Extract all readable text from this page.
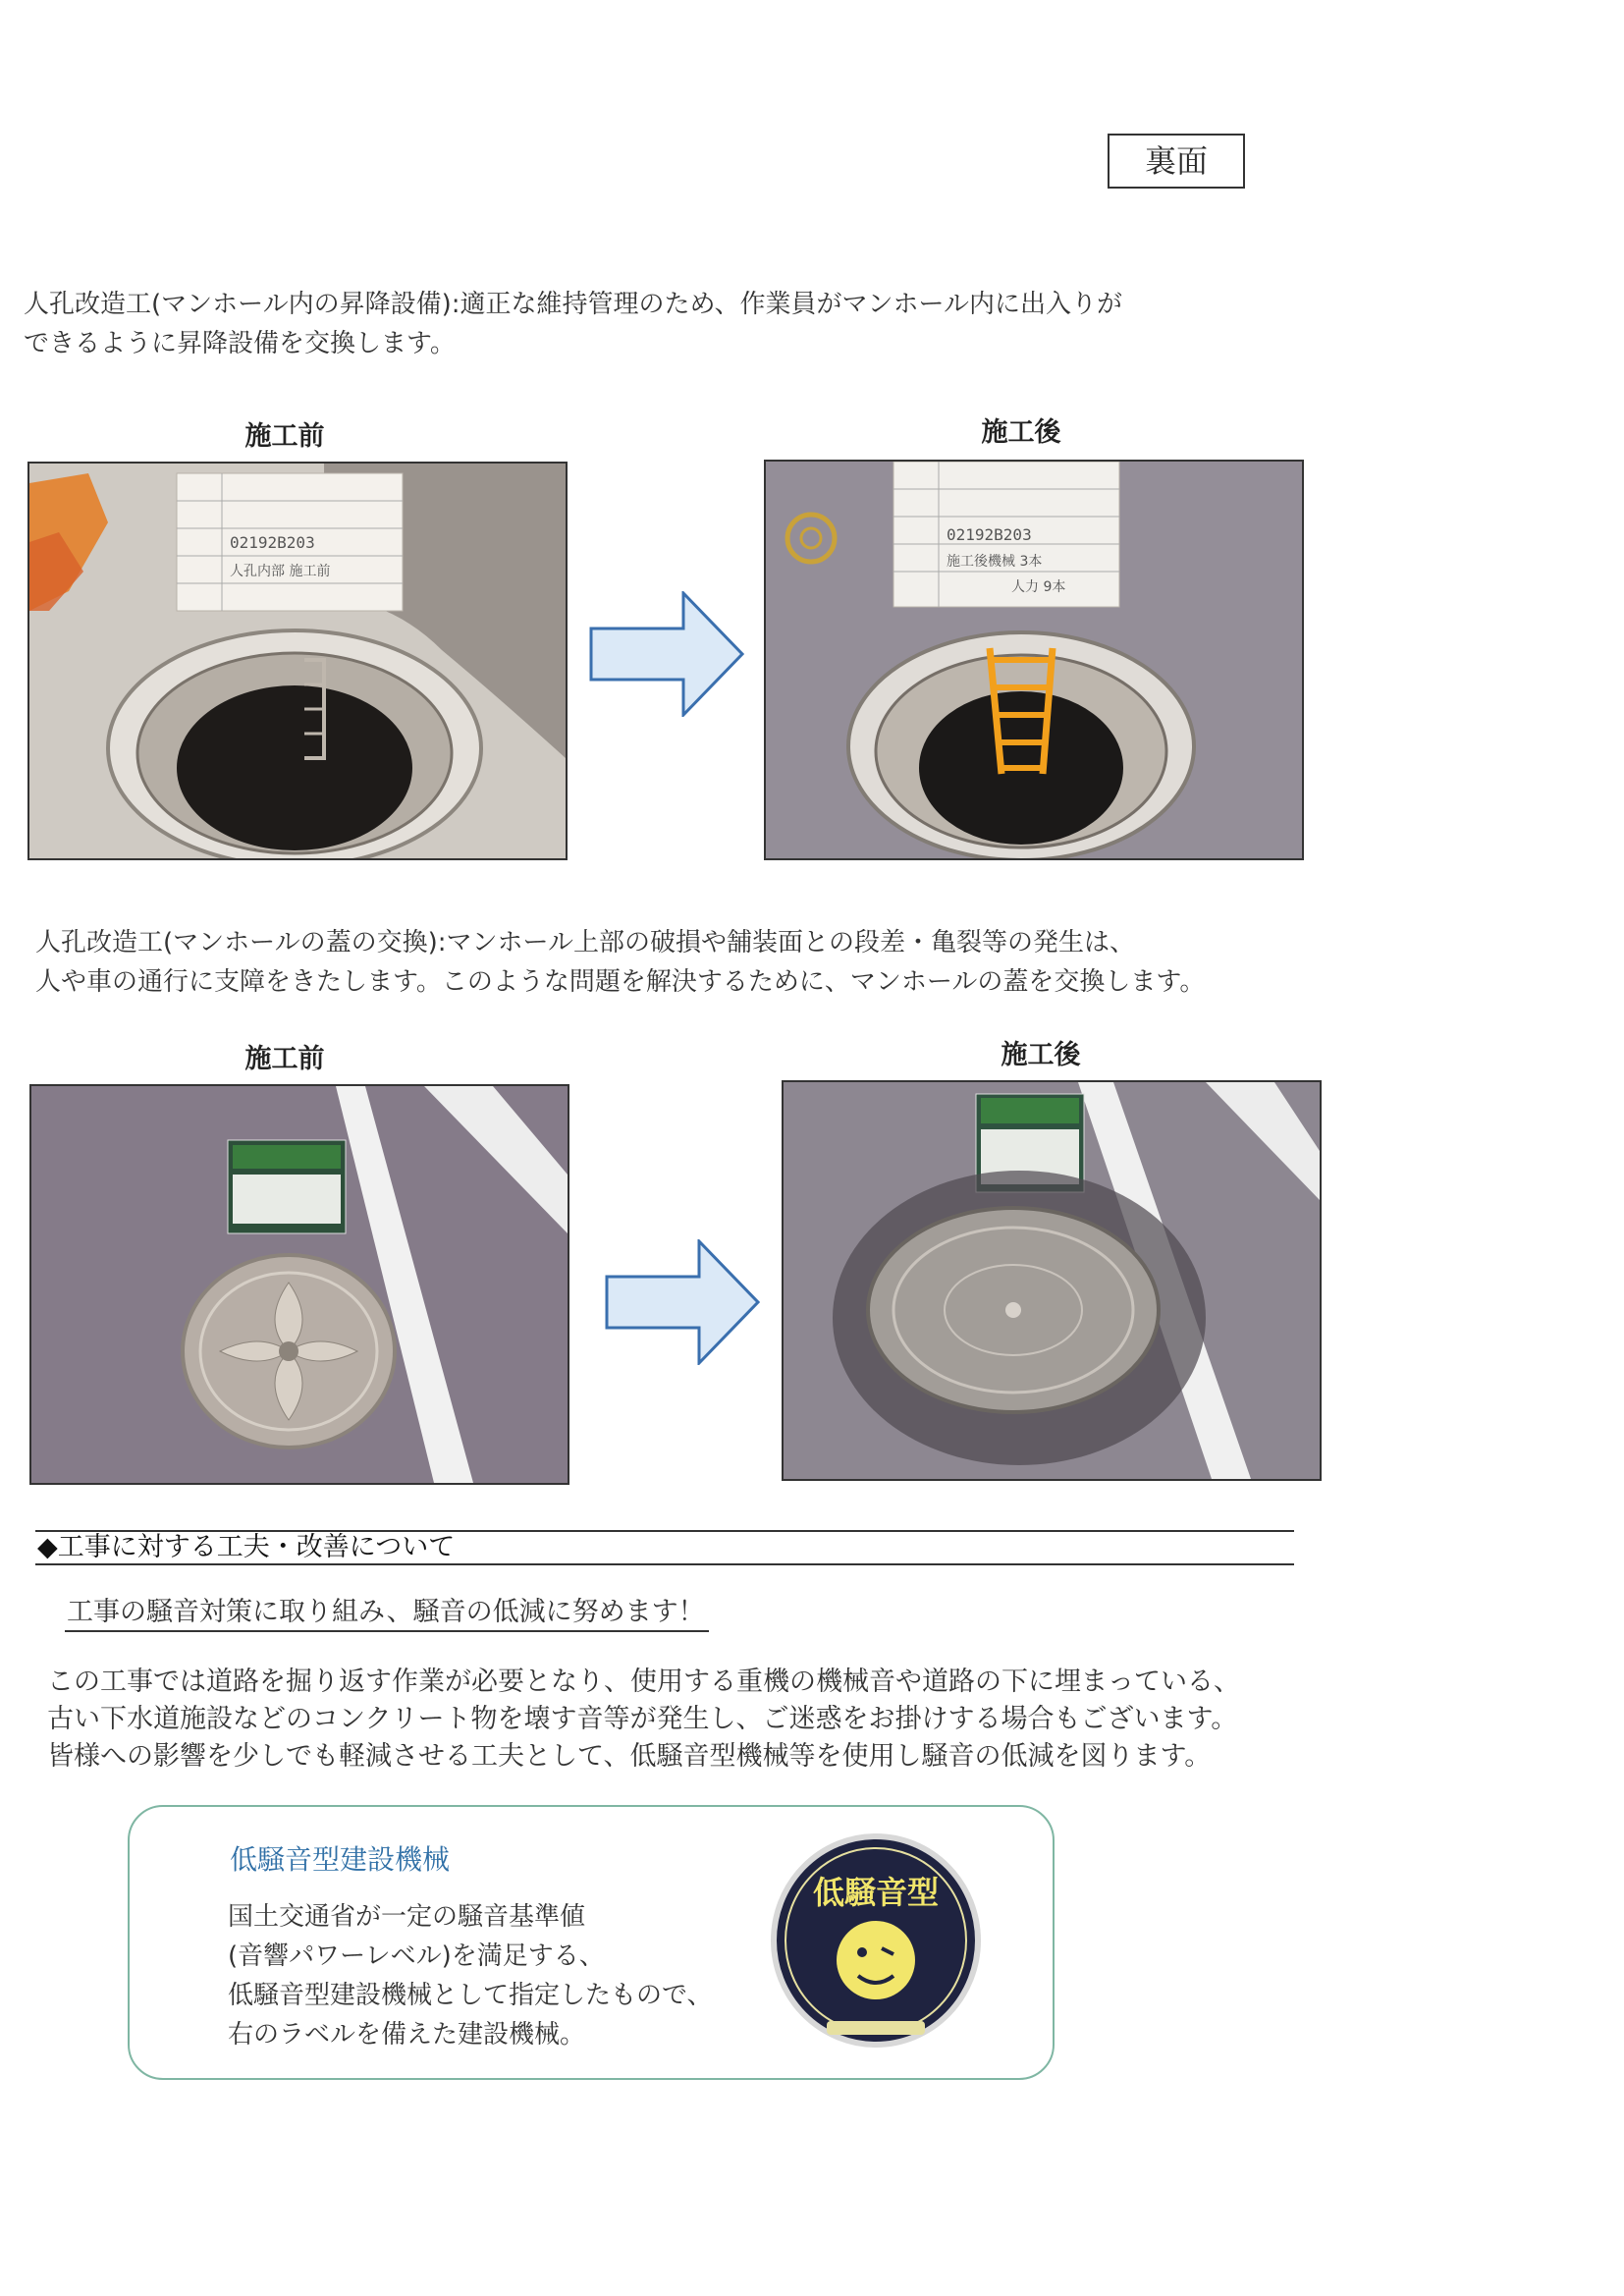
裏面
人孔改造工(マンホール内の昇降設備):適正な維持管理のため、作業員がマンホール内に出入りが
できるように昇降設備を交換します。
施工前	施工後
02192B203
人孔内部 施工前
02192B203
施工後機械 3本
人力 9本
人孔改造工(マンホールの蓋の交換):マンホール上部の破損や舗装面との段差・亀裂等の発生は、
人や車の通行に支障をきたします。このような問題を解決するために、マンホールの蓋を交換します。
施工前	施工後
◆工事に対する工夫・改善について
工事の騒音対策に取り組み、騒音の低減に努めます！
この工事では道路を掘り返す作業が必要となり、使用する重機の機械音や道路の下に埋まっている、
古い下水道施設などのコンクリート物を壊す音等が発生し、ご迷惑をお掛けする場合もございます。
皆様への影響を少しでも軽減させる工夫として、低騒音型機械等を使用し騒音の低減を図ります。
低騒音型建設機械
国土交通省が一定の騒音基準値
(音響パワーレベル)を満足する、
低騒音型建設機械として指定したもので、
右のラベルを備えた建設機械。
低騒音型
